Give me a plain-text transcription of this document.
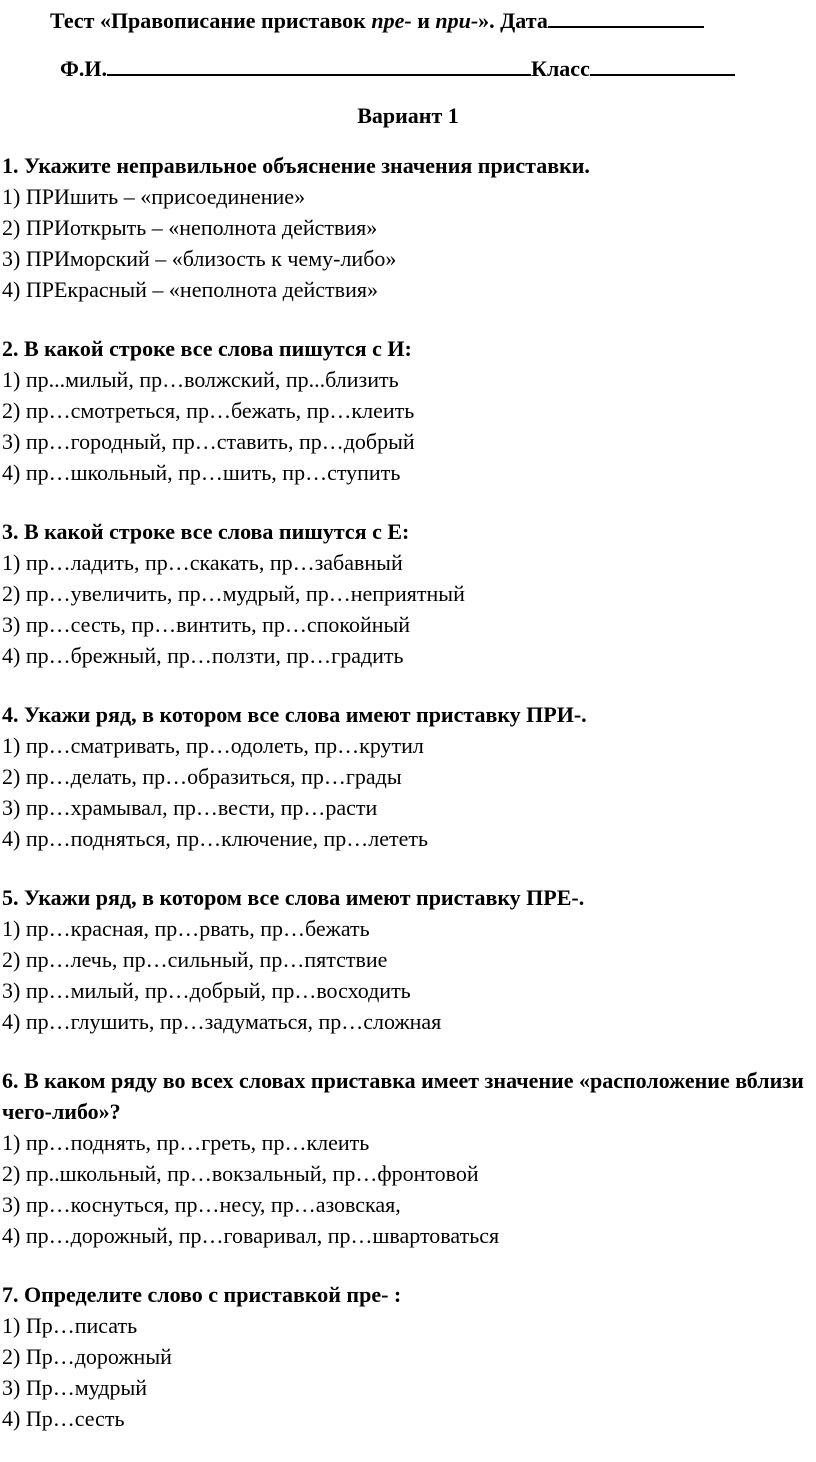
Тест «Правописание приставок пре- и при-». Дата
Ф.И.	Класс
Вариант 1
1. Укажите неправильное объяснение значения приставки.
1) ПРИшить – «присоединение»
2) ПРИоткрыть – «неполнота действия»
3) ПРИморский – «близость к чему-либо»
4) ПРЕкрасный – «неполнота действия»
2. В какой строке все слова пишутся с И:
1) пр...милый, пр…волжский, пр...близить
2) пр…смотреться, пр…бежать, пр…клеить
3) пр…городный, пр…ставить, пр…добрый
4) пр…школьный, пр…шить, пр…ступить
3. В какой строке все слова пишутся с Е:
1) пр…ладить, пр…скакать, пр…забавный
2) пр…увеличить, пр…мудрый, пр…неприятный
3) пр…сесть, пр…винтить, пр…спокойный
4) пр…брежный, пр…ползти, пр…градить
4. Укажи ряд, в котором все слова имеют приставку ПРИ-.
1) пр…сматривать, пр…одолеть, пр…крутил
2) пр…делать, пр…образиться, пр…грады
3) пр…храмывал, пр…вести, пр…расти
4) пр…подняться, пр…ключение, пр…лететь
5. Укажи ряд, в котором все слова имеют приставку ПРЕ-.
1) пр…красная, пр…рвать, пр…бежать
2) пр…лечь, пр…сильный, пр…пятствие
3) пр…милый, пр…добрый, пр…восходить
4) пр…глушить, пр…задуматься, пр…сложная
6. В каком ряду во всех словах приставка имеет значение «расположение вблизи чего-либо»?
1) пр…поднять, пр…греть, пр…клеить
2) пр..школьный, пр…вокзальный, пр…фронтовой
3) пр…коснуться, пр…несу, пр…азовская,
4) пр…дорожный, пр…говаривал, пр…швартоваться
7. Определите слово с приставкой пре- :
1) Пр…писать
2) Пр…дорожный
3) Пр…мудрый
4) Пр…сесть
